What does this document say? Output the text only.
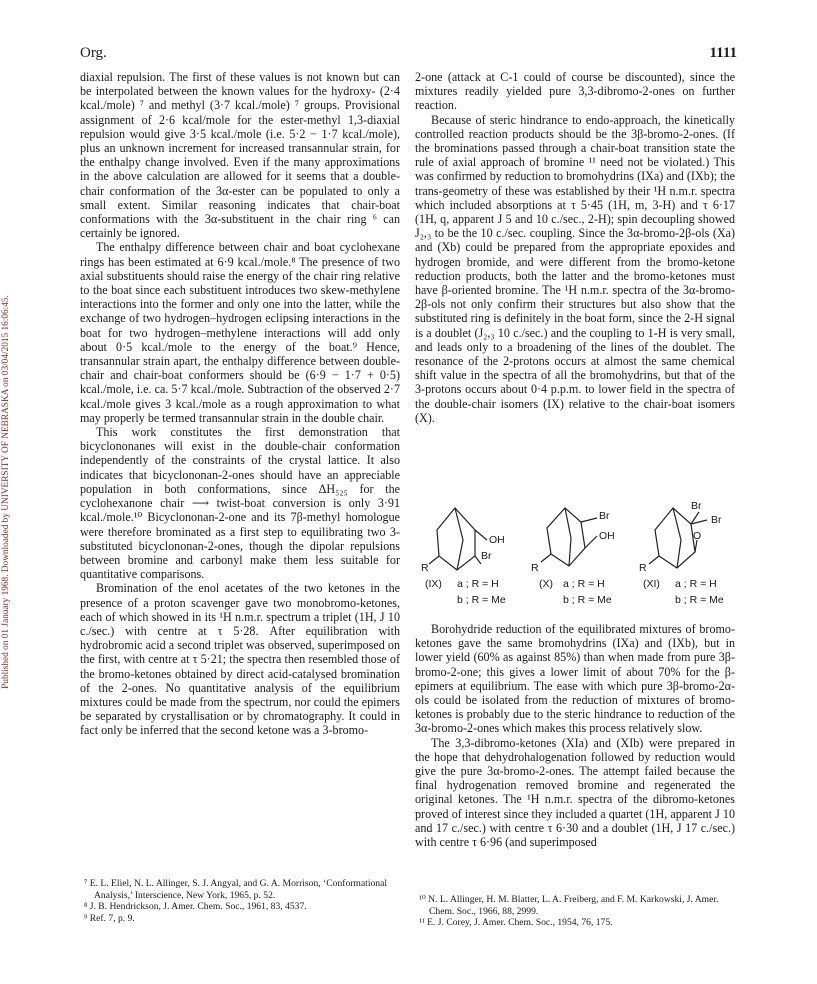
Published on 01 January 1968. Downloaded by UNIVERSITY OF NEBRASKA on 03/04/2015 16:06:45.
Org.	1111

diaxial repulsion. The first of these values is not known but can be interpolated between the known values for the hydroxy- (2·4 kcal./mole) ⁷ and methyl (3·7 kcal./mole) ⁷ groups. Provisional assignment of 2·6 kcal/mole for the ester-methyl 1,3-diaxial repulsion would give 3·5 kcal./mole (i.e. 5·2 − 1·7 kcal./mole), plus an unknown increment for increased transannular strain, for the enthalpy change involved. Even if the many approximations in the above calculation are allowed for it seems that a double-chair conformation of the 3α-ester can be populated to only a small extent. Similar reasoning indicates that chair-boat conformations with the 3α-substituent in the chair ring ⁶ can certainly be ignored.

The enthalpy difference between chair and boat cyclohexane rings has been estimated at 6·9 kcal./mole.⁸ The presence of two axial substituents should raise the energy of the chair ring relative to the boat since each substituent introduces two skew-methylene interactions into the former and only one into the latter, while the exchange of two hydrogen–hydrogen eclipsing interactions in the boat for two hydrogen–methylene interactions will add only about 0·5 kcal./mole to the energy of the boat.⁹ Hence, transannular strain apart, the enthalpy difference between double-chair and chair-boat conformers should be (6·9 − 1·7 + 0·5) kcal./mole, i.e. ca. 5·7 kcal./mole. Subtraction of the observed 2·7 kcal./mole gives 3 kcal./mole as a rough approximation to what may properly be termed transannular strain in the double chair.

This work constitutes the first demonstration that bicyclononanes will exist in the double-chair conformation independently of the constraints of the crystal lattice. It also indicates that bicyclononan-2-ones should have an appreciable population in both conformations, since ΔH₅₂₅ for the cyclohexanone chair ⟶ twist-boat conversion is only 3·91 kcal./mole.¹⁰ Bicyclononan-2-one and its 7β-methyl homologue were therefore brominated as a first step to equilibrating two 3-substituted bicyclononan-2-ones, though the dipolar repulsions between bromine and carbonyl make them less suitable for quantitative comparisons.

Bromination of the enol acetates of the two ketones in the presence of a proton scavenger gave two monobromo-ketones, each of which showed in its ¹H n.m.r. spectrum a triplet (1H, J 10 c./sec.) with centre at τ 5·28. After equilibration with hydrobromic acid a second triplet was observed, superimposed on the first, with centre at τ 5·21; the spectra then resembled those of the bromo-ketones obtained by direct acid-catalysed bromination of the 2-ones. No quantitative analysis of the equilibrium mixtures could be made from the spectrum, nor could the epimers be separated by crystallisation or by chromatography. It could in fact only be inferred that the second ketone was a 3-bromo-

⁷ E. L. Eliel, N. L. Allinger, S. J. Angyal, and G. A. Morrison, ‘Conformational Analysis,’ Interscience, New York, 1965, p. 52.

⁸ J. B. Hendrickson, J. Amer. Chem. Soc., 1961, 83, 4537.

⁹ Ref. 7, p. 9.

2-one (attack at C-1 could of course be discounted), since the mixtures readily yielded pure 3,3-dibromo-2-ones on further reaction.

Because of steric hindrance to endo-approach, the kinetically controlled reaction products should be the 3β-bromo-2-ones. (If the brominations passed through a chair-boat transition state the rule of axial approach of bromine ¹¹ need not be violated.) This was confirmed by reduction to bromohydrins (IXa) and (IXb); the trans-geometry of these was established by their ¹H n.m.r. spectra which included absorptions at τ 5·45 (1H, m, 3-H) and τ 6·17 (1H, q, apparent J 5 and 10 c./sec., 2-H); spin decoupling showed J₂,₃ to be the 10 c./sec. coupling. Since the 3α-bromo-2β-ols (Xa) and (Xb) could be prepared from the appropriate epoxides and hydrogen bromide, and were different from the bromo-ketone reduction products, both the latter and the bromo-ketones must have β-oriented bromine. The ¹H n.m.r. spectra of the 3α-bromo-2β-ols not only confirm their structures but also show that the substituted ring is definitely in the boat form, since the 2-H signal is a doublet (J₂,₃ 10 c./sec.) and the coupling to 1-H is very small, and leads only to a broadening of the lines of the doublet. The resonance of the 2-protons occurs at almost the same chemical shift value in the spectra of all the bromohydrins, but that of the 3-protons occurs about 0·4 p.p.m. to lower field in the spectra of the double-chair isomers (IX) relative to the chair-boat isomers (X).

OH
Br
R
Br
OH
R
Br
Br
O
R
(IX) a ; R = H
b ; R = Me
(X) a ; R = H
b ; R = Me
(XI) a ; R = H
b ; R = Me

Borohydride reduction of the equilibrated mixtures of bromo-ketones gave the same bromohydrins (IXa) and (IXb), but in lower yield (60% as against 85%) than when made from pure 3β-bromo-2-one; this gives a lower limit of about 70% for the β-epimers at equilibrium. The ease with which pure 3β-bromo-2α-ols could be isolated from the reduction of mixtures of bromo-ketones is probably due to the steric hindrance to reduction of the 3α-bromo-2-ones which makes this process relatively slow.

The 3,3-dibromo-ketones (XIa) and (XIb) were prepared in the hope that dehydrohalogenation followed by reduction would give the pure 3α-bromo-2-ones. The attempt failed because the final hydrogenation removed bromine and regenerated the original ketones. The ¹H n.m.r. spectra of the dibromo-ketones proved of interest since they included a quartet (1H, apparent J 10 and 17 c./sec.) with centre τ 6·30 and a doublet (1H, J 17 c./sec.) with centre τ 6·96 (and superimposed

¹⁰ N. L. Allinger, H. M. Blatter, L. A. Freiberg, and F. M. Karkowski, J. Amer. Chem. Soc., 1966, 88, 2999.

¹¹ E. J. Corey, J. Amer. Chem. Soc., 1954, 76, 175.
